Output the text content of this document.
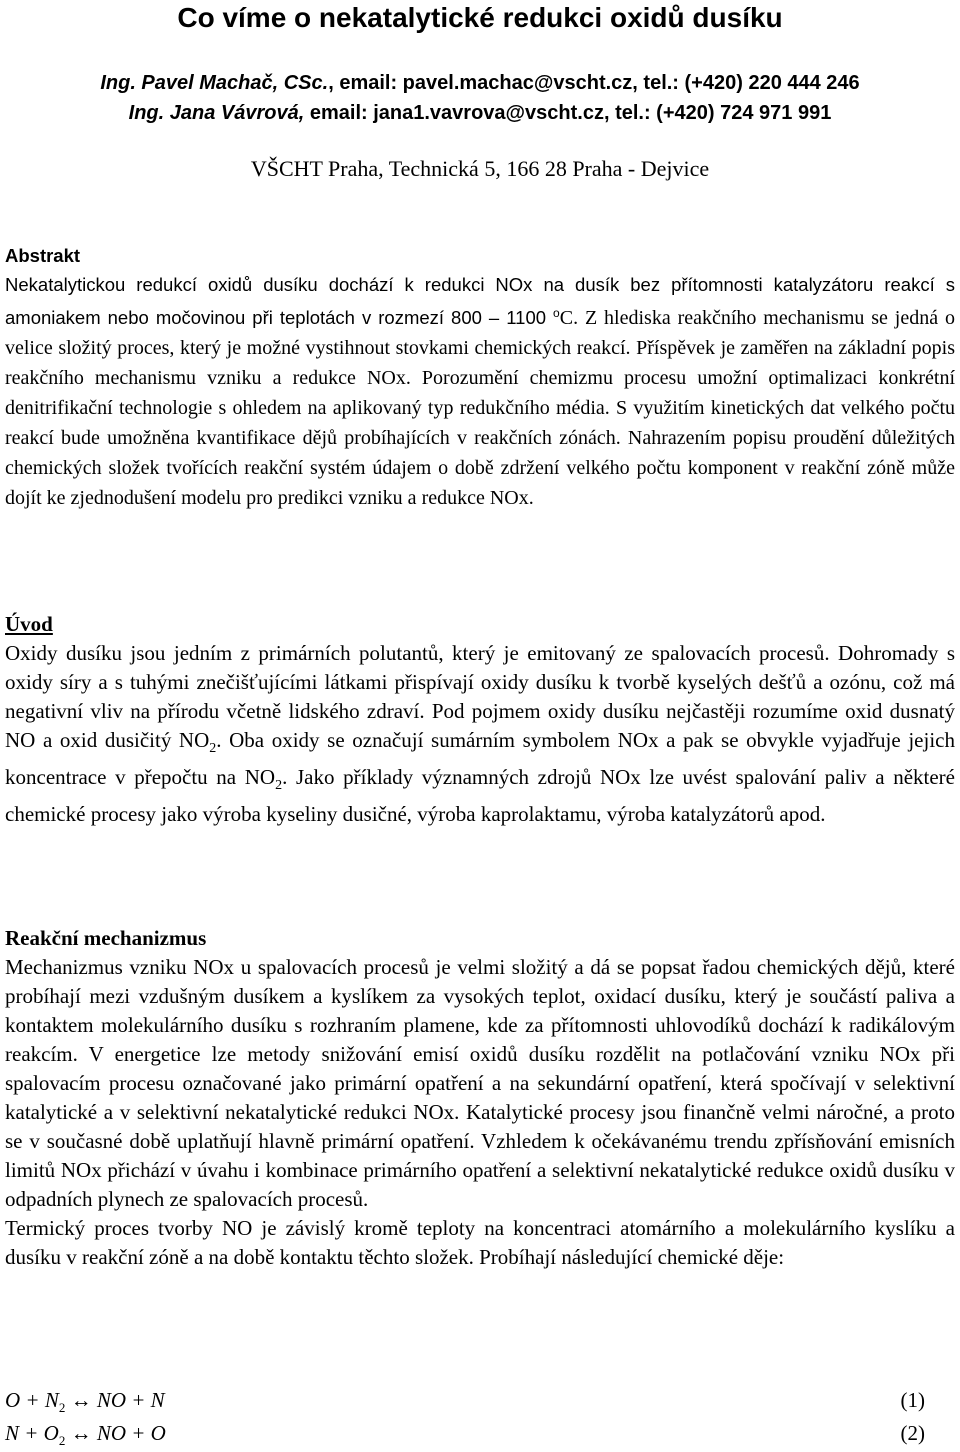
Co víme o nekatalytické redukci oxidů dusíku
Ing. Pavel Machač, CSc., email: pavel.machac@vscht.cz, tel.: (+420) 220 444 246
Ing. Jana Vávrová, email: jana1.vavrova@vscht.cz, tel.: (+420) 724 971 991
VŠCHT Praha, Technická 5, 166 28 Praha - Dejvice
Abstrakt

Nekatalytickou redukcí oxidů dusíku dochází k redukci NOx na dusík bez přítomnosti katalyzátoru reakcí s amoniakem nebo močovinou při teplotách v rozmezí 800 – 1100 $^o$C. Z hlediska reakčního mechanismu se jedná o velice složitý proces, který je možné vystihnout stovkami chemických reakcí. Příspěvek je zaměřen na základní popis reakčního mechanismu vzniku a redukce NOx. Porozumění chemizmu procesu umožní optimalizaci konkrétní denitrifikační technologie s ohledem na aplikovaný typ redukčního média. S využitím kinetických dat velkého počtu reakcí bude umožněna kvantifikace dějů probíhajících v reakčních zónách. Nahrazením popisu proudění důležitých chemických složek tvořících reakční systém údajem o době zdržení velkého počtu komponent v reakční zóně může dojít ke zjednodušení modelu pro predikci vzniku a redukce NOx.

Úvod

Oxidy dusíku jsou jedním z primárních polutantů, který je emitovaný ze spalovacích procesů. Dohromady s oxidy síry a s tuhými znečišťujícími látkami přispívají oxidy dusíku k tvorbě kyselých dešťů a ozónu, což má negativní vliv na přírodu včetně lidského zdraví. Pod pojmem oxidy dusíku nejčastěji rozumíme oxid dusnatý NO a oxid dusičitý $NO_2$. Oba oxidy se označují sumárním symbolem NOx a pak se obvykle vyjadřuje jejich koncentrace v přepočtu na $NO_2$. Jako příklady významných zdrojů NOx lze uvést spalování paliv a některé chemické procesy jako výroba kyseliny dusičné, výroba kaprolaktamu, výroba katalyzátorů apod.

Reakční mechanizmus

Mechanizmus vzniku NOx u spalovacích procesů je velmi složitý a dá se popsat řadou chemických dějů, které probíhají mezi vzdušným dusíkem a kyslíkem za vysokých teplot, oxidací dusíku, který je součástí paliva a kontaktem molekulárního dusíku s rozhraním plamene, kde za přítomnosti uhlovodíků dochází k radikálovým reakcím. V energetice lze metody snižování emisí oxidů dusíku rozdělit na potlačování vzniku NOx při spalovacím procesu označované jako primární opatření a na sekundární opatření, která spočívají v selektivní katalytické a v selektivní nekatalytické redukci NOx. Katalytické procesy jsou finančně velmi náročné, a proto se v současné době uplatňují hlavně primární opatření. Vzhledem k očekávanému trendu zpřísňování emisních limitů NOx přichází v úvahu i kombinace primárního opatření a selektivní nekatalytické redukce oxidů dusíku v odpadních plynech ze spalovacích procesů.

Termický proces tvorby NO je závislý kromě teploty na koncentraci atomárního a molekulárního kyslíku a dusíku v reakční zóně a na době kontaktu těchto složek. Probíhají následující chemické děje:

$O + N_2$ ↔ NO + N	(1)
$N + O_2$ ↔ NO + O	(2)
